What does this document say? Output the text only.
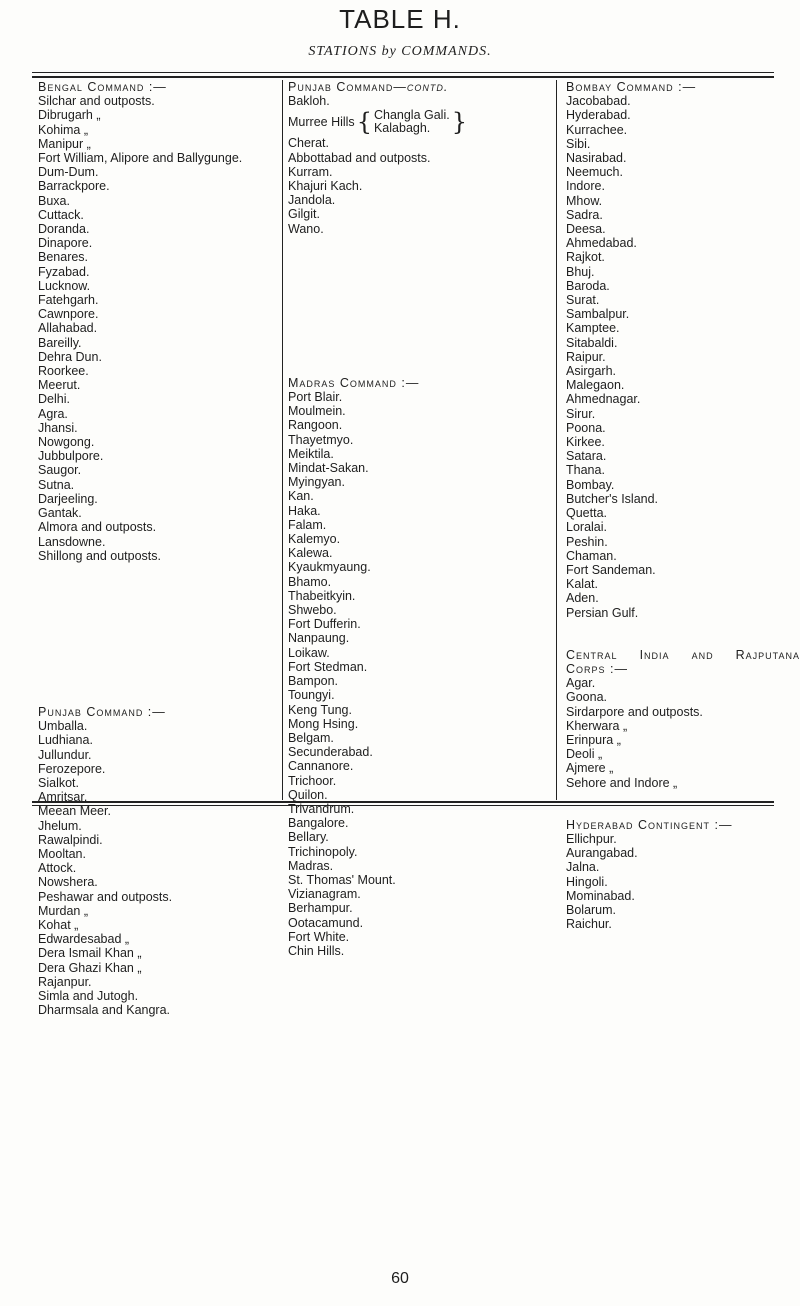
TABLE H.
STATIONS by COMMANDS.
Bengal Command :—
Silchar and outposts.
Dibrugarh „
Kohima „
Manipur „
Fort William, Alipore and Ballygunge.
Dum-Dum.
Barrackpore.
Buxa.
Cuttack.
Doranda.
Dinapore.
Benares.
Fyzabad.
Lucknow.
Fatehgarh.
Cawnpore.
Allahabad.
Bareilly.
Dehra Dun.
Roorkee.
Meerut.
Delhi.
Agra.
Jhansi.
Nowgong.
Jubbulpore.
Saugor.
Sutna.
Darjeeling.
Gantak.
Almora and outposts.
Lansdowne.
Shillong and outposts.
Punjab Command :—
Umballa.
Ludhiana.
Jullundur.
Ferozepore.
Sialkot.
Amritsar.
Meean Meer.
Jhelum.
Rawalpindi.
Mooltan.
Attock.
Nowshera.
Peshawar and outposts.
Murdan „
Kohat „
Edwardesabad „
Dera Ismail Khan „
Dera Ghazi Khan „
Rajanpur.
Simla and Jutogh.
Dharmsala and Kangra.
Punjab Command—contd.
Bakloh.
Murree Hills { Changla Gali.
Kalabagh. }
Cherat.
Abbottabad and outposts.
Kurram.
Khajuri Kach.
Jandola.
Gilgit.
Wano.
Madras Command :—
Port Blair.
Moulmein.
Rangoon.
Thayetmyo.
Meiktila.
Mindat-Sakan.
Myingyan.
Kan.
Haka.
Falam.
Kalemyo.
Kalewa.
Kyaukmyaung.
Bhamo.
Thabeitkyin.
Shwebo.
Fort Dufferin.
Nanpaung.
Loikaw.
Fort Stedman.
Bampon.
Toungyi.
Keng Tung.
Mong Hsing.
Belgam.
Secunderabad.
Cannanore.
Trichoor.
Quilon.
Trivandrum.
Bangalore.
Bellary.
Trichinopoly.
Madras.
St. Thomas' Mount.
Vizianagram.
Berhampur.
Ootacamund.
Fort White.
Chin Hills.
Bombay Command :—
Jacobabad.
Hyderabad.
Kurrachee.
Sibi.
Nasirabad.
Neemuch.
Indore.
Mhow.
Sadra.
Deesa.
Ahmedabad.
Rajkot.
Bhuj.
Baroda.
Surat.
Sambalpur.
Kamptee.
Sitabaldi.
Raipur.
Asirgarh.
Malegaon.
Ahmednagar.
Sirur.
Poona.
Kirkee.
Satara.
Thana.
Bombay.
Butcher's Island.
Quetta.
Loralai.
Peshin.
Chaman.
Fort Sandeman.
Kalat.
Aden.
Persian Gulf.
Central India and Rajputana
Corps :—
Agar.
Goona.
Sirdarpore and outposts.
Kherwara „
Erinpura „
Deoli „
Ajmere „
Sehore and Indore „
Hyderabad Contingent :—
Ellichpur.
Aurangabad.
Jalna.
Hingoli.
Mominabad.
Bolarum.
Raichur.
60
